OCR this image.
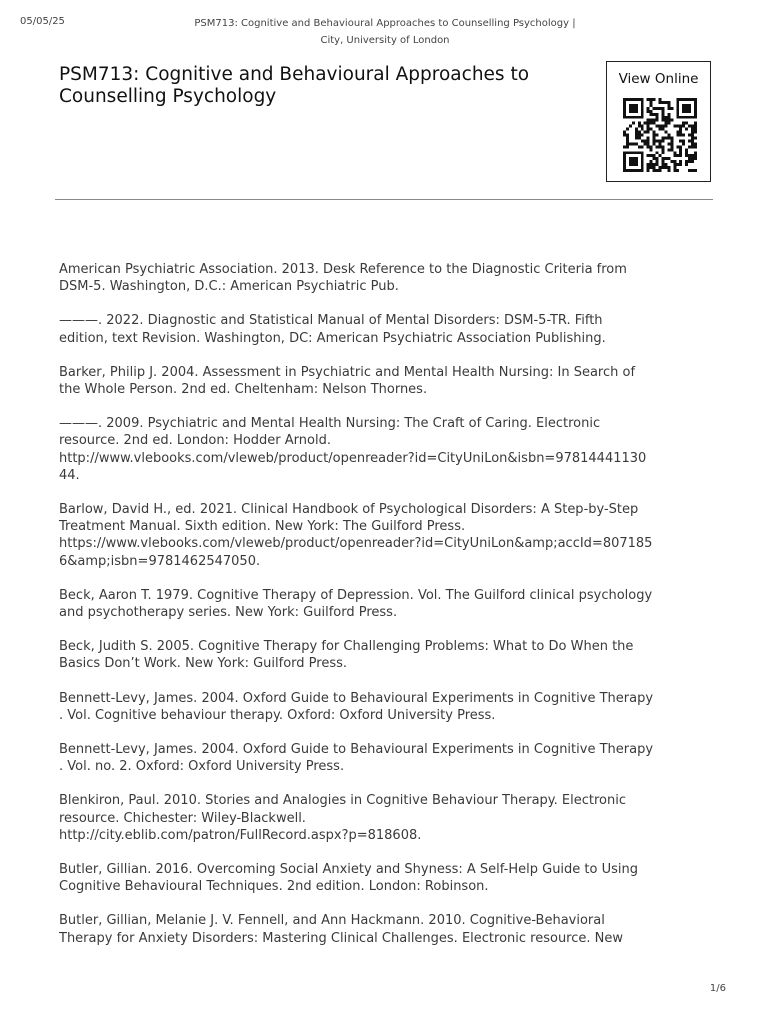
05/05/25	PSM713: Cognitive and Behavioural Approaches to Counselling Psychology |
City, University of London
PSM713: Cognitive and Behavioural Approaches to
Counselling Psychology
View Online

American Psychiatric Association. 2013. Desk Reference to the Diagnostic Criteria from
DSM-5. Washington, D.C.: American Psychiatric Pub.

———. 2022. Diagnostic and Statistical Manual of Mental Disorders: DSM-5-TR. Fifth
edition, text Revision. Washington, DC: American Psychiatric Association Publishing.

Barker, Philip J. 2004. Assessment in Psychiatric and Mental Health Nursing: In Search of
the Whole Person. 2nd ed. Cheltenham: Nelson Thornes.

———. 2009. Psychiatric and Mental Health Nursing: The Craft of Caring. Electronic
resource. 2nd ed. London: Hodder Arnold.
http://www.vlebooks.com/vleweb/product/openreader?id=CityUniLon&isbn=97814441130
44.

Barlow, David H., ed. 2021. Clinical Handbook of Psychological Disorders: A Step-by-Step
Treatment Manual. Sixth edition. New York: The Guilford Press.
https://www.vlebooks.com/vleweb/product/openreader?id=CityUniLon&amp;accId=807185
6&amp;isbn=9781462547050.

Beck, Aaron T. 1979. Cognitive Therapy of Depression. Vol. The Guilford clinical psychology
and psychotherapy series. New York: Guilford Press.

Beck, Judith S. 2005. Cognitive Therapy for Challenging Problems: What to Do When the
Basics Don’t Work. New York: Guilford Press.

Bennett-Levy, James. 2004. Oxford Guide to Behavioural Experiments in Cognitive Therapy
. Vol. Cognitive behaviour therapy. Oxford: Oxford University Press.

Bennett-Levy, James. 2004. Oxford Guide to Behavioural Experiments in Cognitive Therapy
. Vol. no. 2. Oxford: Oxford University Press.

Blenkiron, Paul. 2010. Stories and Analogies in Cognitive Behaviour Therapy. Electronic
resource. Chichester: Wiley-Blackwell.
http://city.eblib.com/patron/FullRecord.aspx?p=818608.

Butler, Gillian. 2016. Overcoming Social Anxiety and Shyness: A Self-Help Guide to Using
Cognitive Behavioural Techniques. 2nd edition. London: Robinson.

Butler, Gillian, Melanie J. V. Fennell, and Ann Hackmann. 2010. Cognitive-Behavioral
Therapy for Anxiety Disorders: Mastering Clinical Challenges. Electronic resource. New

1/6
